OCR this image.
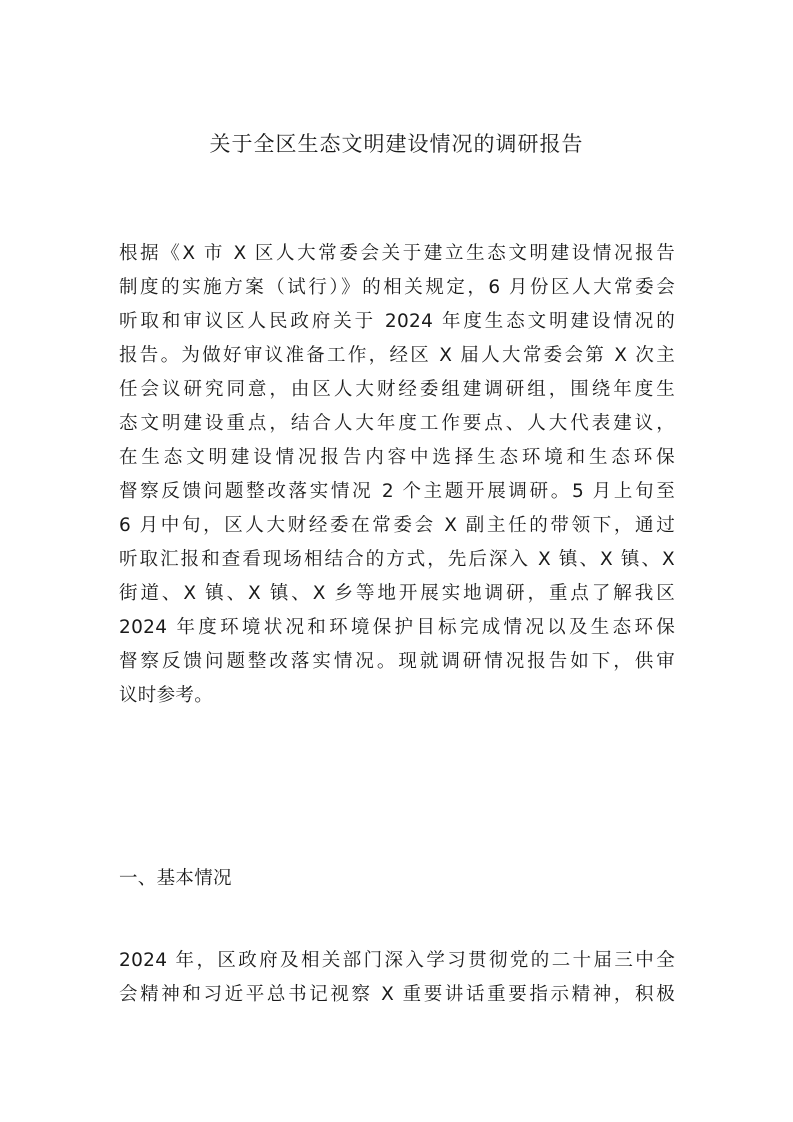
关于全区生态文明建设情况的调研报告
根据《X 市 X 区人大常委会关于建立生态文明建设情况报告
制度的实施方案（试行）》的相关规定，6 月份区人大常委会
听取和审议区人民政府关于 2024 年度生态文明建设情况的
报告。为做好审议准备工作，经区 X 届人大常委会第 X 次主
任会议研究同意，由区人大财经委组建调研组，围绕年度生
态文明建设重点，结合人大年度工作要点、人大代表建议，
在生态文明建设情况报告内容中选择生态环境和生态环保
督察反馈问题整改落实情况 2 个主题开展调研。5 月上旬至
6 月中旬，区人大财经委在常委会 X 副主任的带领下，通过
听取汇报和查看现场相结合的方式，先后深入 X 镇、X 镇、X
街道、X 镇、X 镇、X 乡等地开展实地调研，重点了解我区
2024 年度环境状况和环境保护目标完成情况以及生态环保
督察反馈问题整改落实情况。现就调研情况报告如下，供审
议时参考。
一、基本情况
2024 年，区政府及相关部门深入学习贯彻党的二十届三中全
会精神和习近平总书记视察 X 重要讲话重要指示精神，积极
